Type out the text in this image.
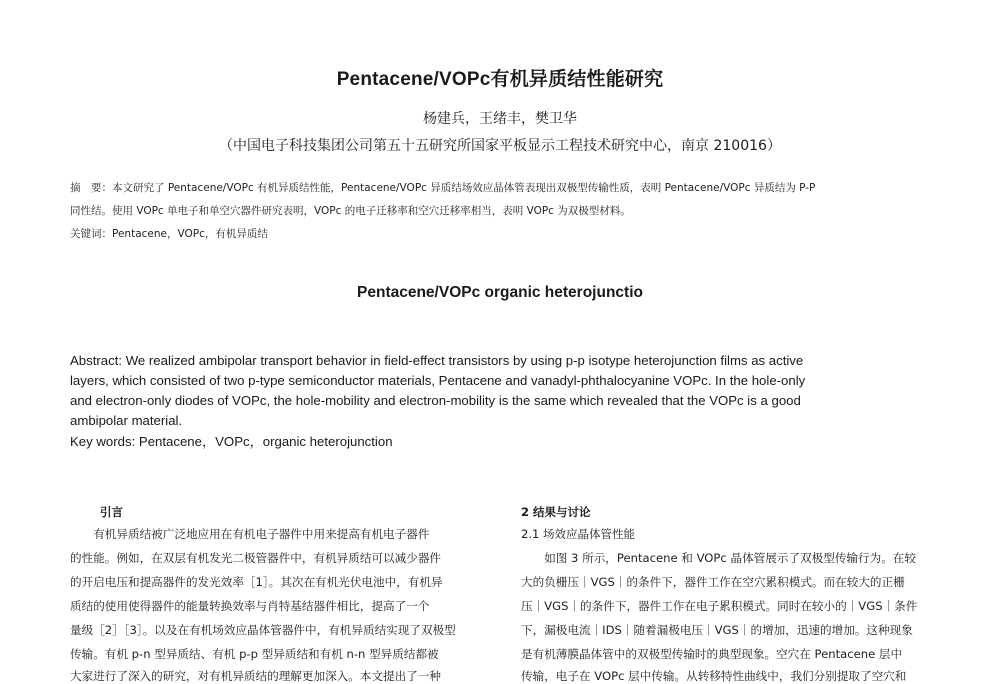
Pentacene/VOPc有机异质结性能研究
杨建兵，王绪丰，樊卫华
（中国电子科技集团公司第五十五研究所国家平板显示工程技术研究中心，南京 210016）
摘　要：本文研究了 Pentacene/VOPc 有机异质结性能，Pentacene/VOPc 异质结场效应晶体管表现出双极型传输性质，表明 Pentacene/VOPc 异质结为 P-P
同性结。使用 VOPc 单电子和单空穴器件研究表明，VOPc 的电子迁移率和空穴迁移率相当，表明 VOPc 为双极型材料。
关键词：Pentacene，VOPc，有机异质结
Pentacene/VOPc organic heterojunctio
Abstract: We realized ambipolar transport behavior in field-effect transistors by using p-p isotype heterojunction films as active
layers, which consisted of two p-type semiconductor materials, Pentacene and vanadyl-phthalocyanine VOPc. In the hole-only
and electron-only diodes of VOPc, the hole-mobility and electron-mobility is the same which revealed that the VOPc is a good
ambipolar material.
Key words: Pentacene，VOPc，organic heterojunction
引言
　　有机异质结被广泛地应用在有机电子器件中用来提高有机电子器件
的性能。例如，在双层有机发光二极管器件中，有机异质结可以减少器件
的开启电压和提高器件的发光效率［1］。其次在有机光伏电池中，有机异
质结的使用使得器件的能量转换效率与肖特基结器件相比，提高了一个
量级［2］［3］。以及在有机场效应晶体管器件中，有机异质结实现了双极型
传输。有机 p-n 型异质结、有机 p-p 型异质结和有机 n-n 型异质结都被
大家进行了深入的研究，对有机异质结的理解更加深入。本文提出了一种
2 结果与讨论
2.1 场效应晶体管性能
　　如图 3 所示，Pentacene 和 VOPc 晶体管展示了双极型传输行为。在较
大的负栅压｜VGS｜的条件下，器件工作在空穴累积模式。而在较大的正栅
压｜VGS｜的条件下，器件工作在电子累积模式。同时在较小的｜VGS｜条件
下，漏极电流｜IDS｜随着漏极电压｜VGS｜的增加，迅速的增加。这种现象
是有机薄膜晶体管中的双极型传输时的典型现象。空穴在 Pentacene 层中
传输，电子在 VOPc 层中传输。从转移特性曲线中，我们分别提取了空穴和
